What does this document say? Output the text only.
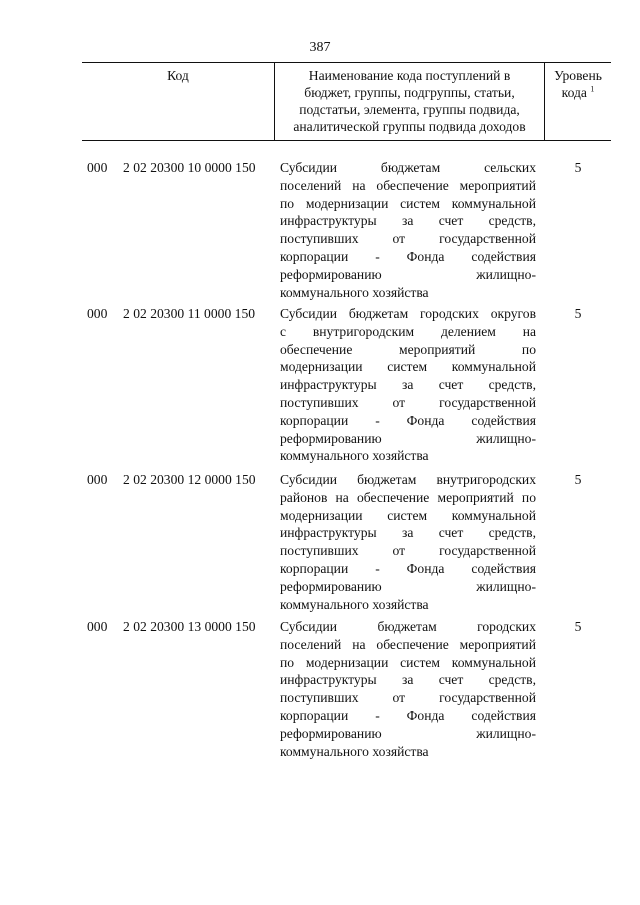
387
Код	Наименование кода поступлений в
бюджет, группы, подгруппы, статьи,
подстатьи, элемента, группы подвида,
аналитической группы подвида доходов
Уровень
кода $^1$
000 2 02 20300 10 0000 150 Субсидии бюджетам сельских
поселений на обеспечение мероприятий
по модернизации систем коммунальной
инфраструктуры за счет средств,
поступивших от государственной
корпорации - Фонда содействия
реформированию жилищно-
коммунального хозяйства
5
000 2 02 20300 11 0000 150 Субсидии бюджетам городских округов
с внутригородским делением на
обеспечение мероприятий по
модернизации систем коммунальной
инфраструктуры за счет средств,
поступивших от государственной
корпорации - Фонда содействия
реформированию жилищно-
коммунального хозяйства
5
000 2 02 20300 12 0000 150 Субсидии бюджетам внутригородских
районов на обеспечение мероприятий по
модернизации систем коммунальной
инфраструктуры за счет средств,
поступивших от государственной
корпорации - Фонда содействия
реформированию жилищно-
коммунального хозяйства
5
000 2 02 20300 13 0000 150 Субсидии бюджетам городских
поселений на обеспечение мероприятий
по модернизации систем коммунальной
инфраструктуры за счет средств,
поступивших от государственной
корпорации - Фонда содействия
реформированию жилищно-
коммунального хозяйства
5
